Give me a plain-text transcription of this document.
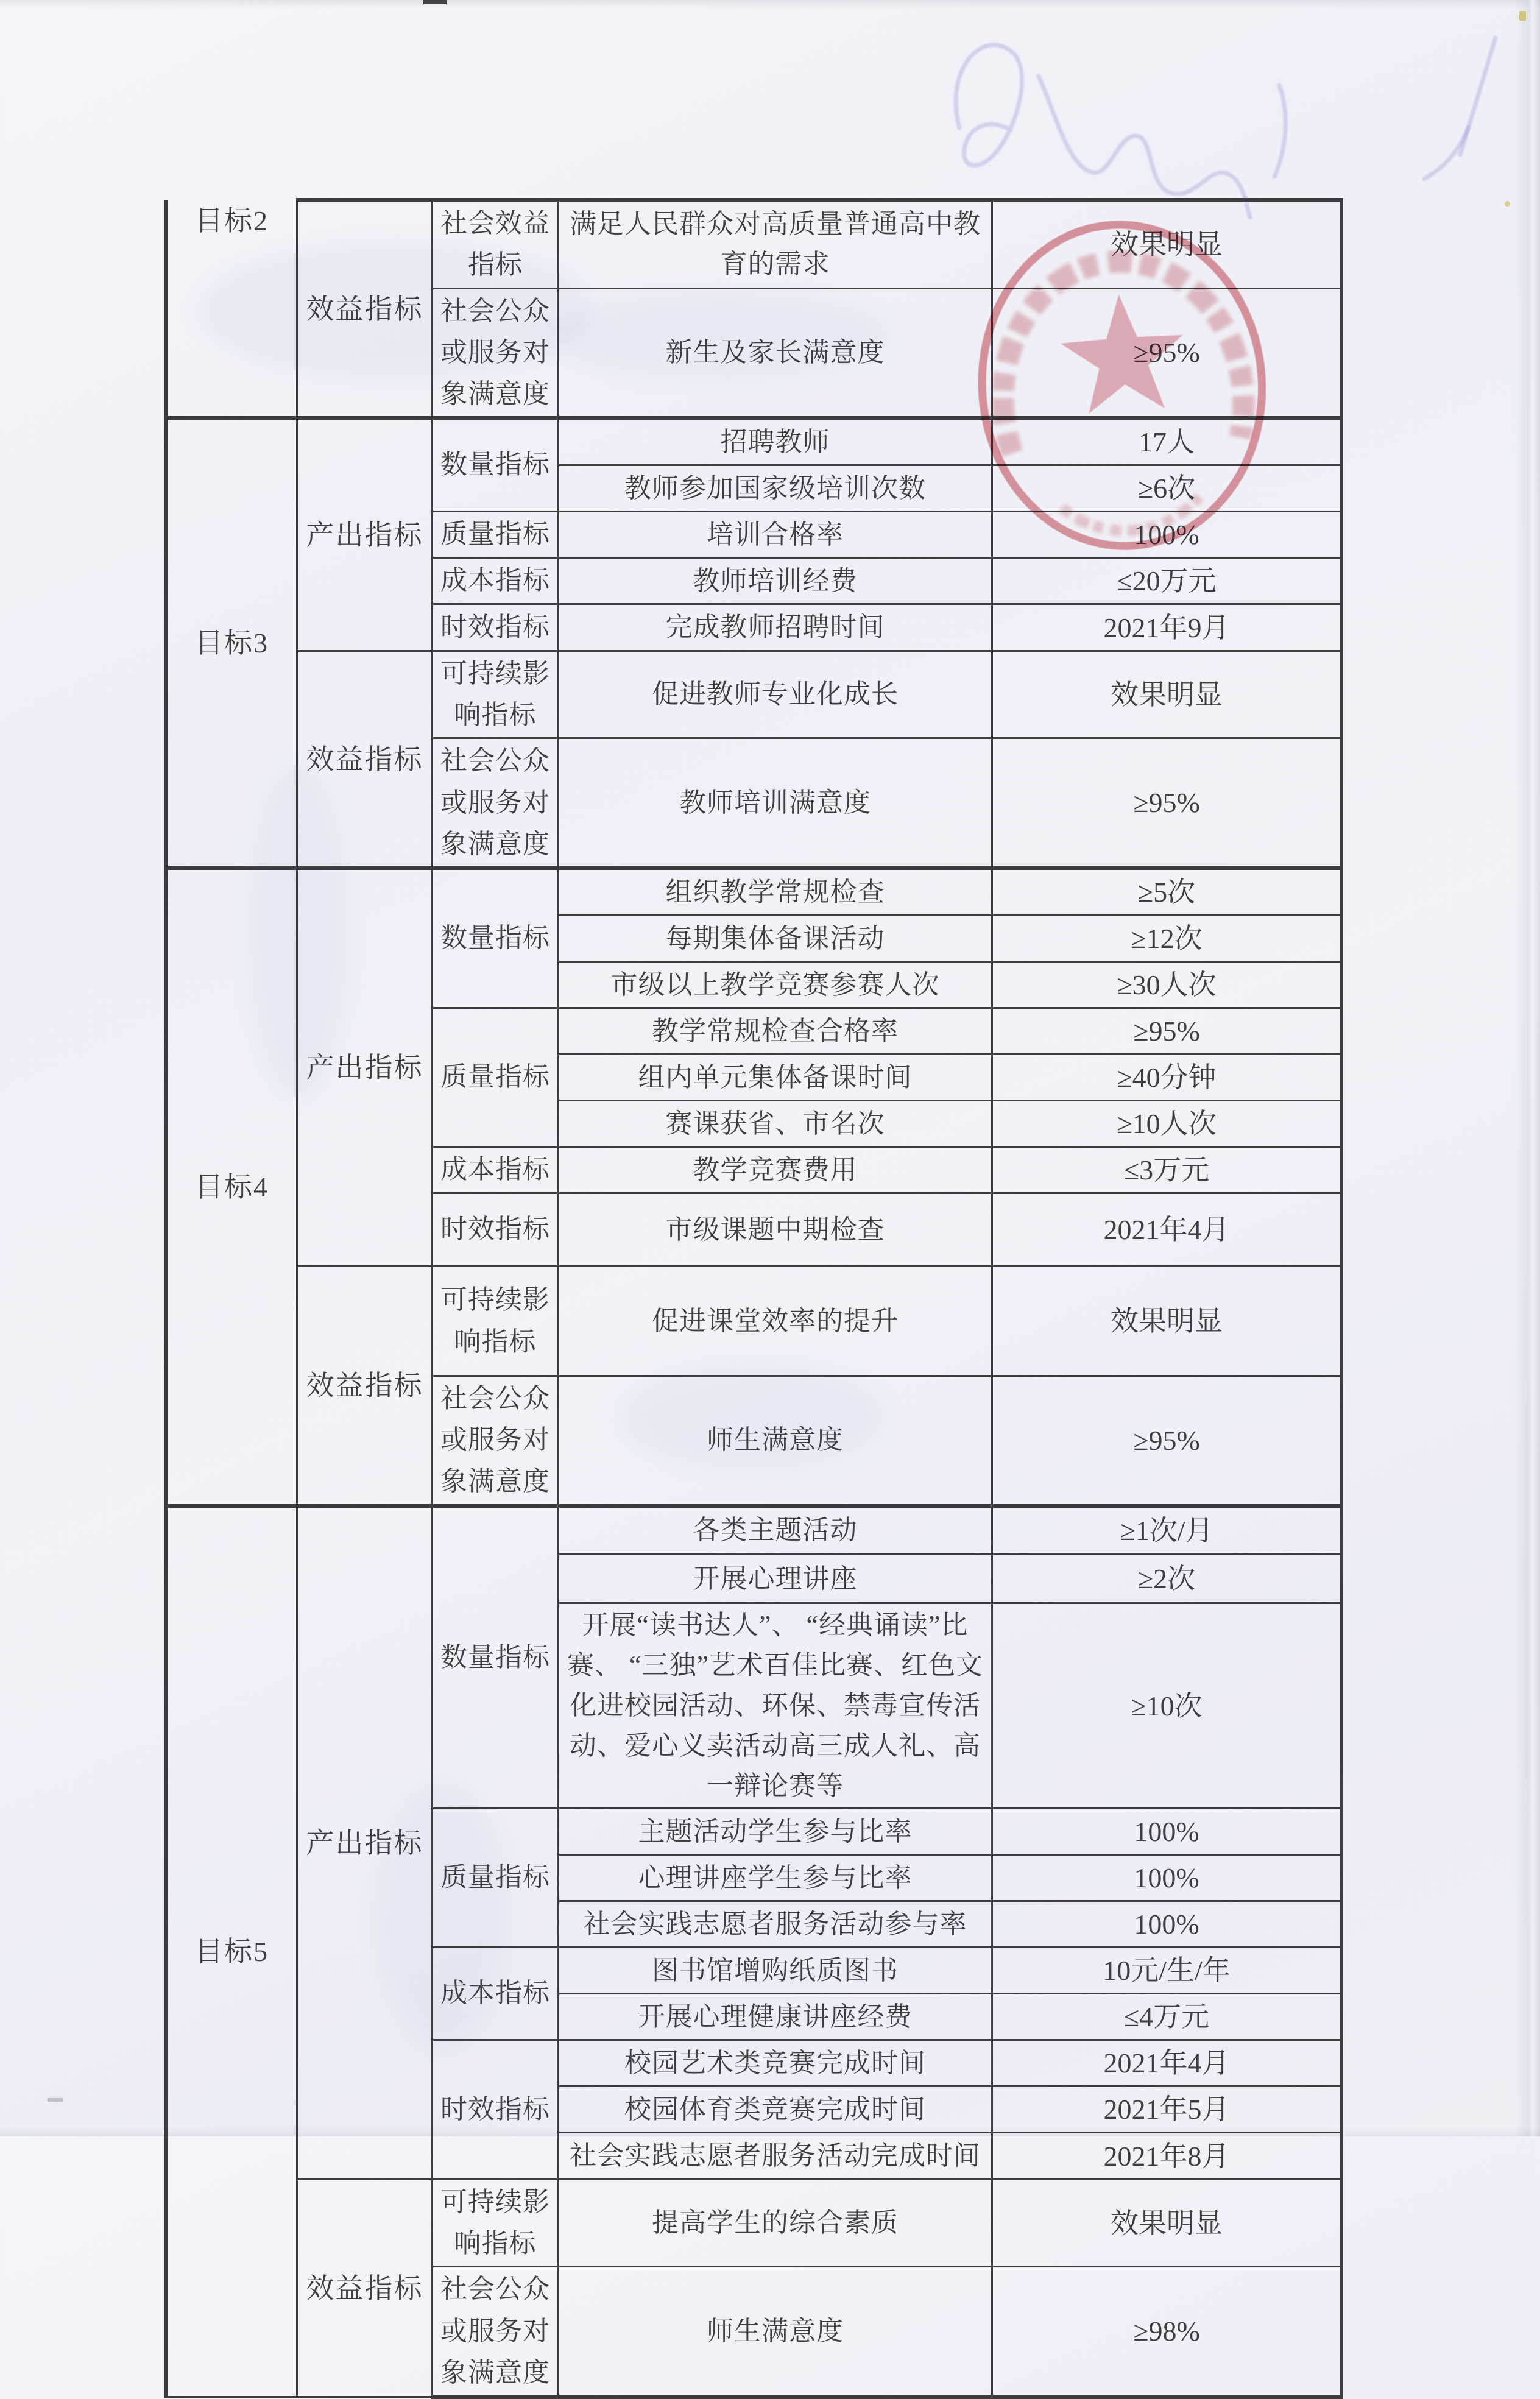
目标2	效益指标	社会效益指标	满足人民群众对高质量普通高中教育的需求	效果明显
		社会公众或服务对象满意度	新生及家长满意度	≥95%
目标3	产出指标	数量指标	招聘教师	17人
			教师参加国家级培训次数	≥6次
		质量指标	培训合格率	100%
		成本指标	教师培训经费	≤20万元
		时效指标	完成教师招聘时间	2021年9月
	效益指标	可持续影响指标	促进教师专业化成长	效果明显
		社会公众或服务对象满意度	教师培训满意度	≥95%
目标4	产出指标	数量指标	组织教学常规检查	≥5次
			每期集体备课活动	≥12次
			市级以上教学竞赛参赛人次	≥30人次
		质量指标	教学常规检查合格率	≥95%
			组内单元集体备课时间	≥40分钟
			赛课获省、市名次	≥10人次
		成本指标	教学竞赛费用	≤3万元
		时效指标	市级课题中期检查	2021年4月
	效益指标	可持续影响指标	促进课堂效率的提升	效果明显
		社会公众或服务对象满意度	师生满意度	≥95%
目标5	产出指标	数量指标	各类主题活动	≥1次/月
			开展心理讲座	≥2次
			开展“读书达人”、 “经典诵读”比赛、 “三独”艺术百佳比赛、红色文化进校园活动、环保、禁毒宣传活动、爱心义卖活动高三成人礼、高一辩论赛等	≥10次
		质量指标	主题活动学生参与比率	100%
			心理讲座学生参与比率	100%
			社会实践志愿者服务活动参与率	100%
		成本指标	图书馆增购纸质图书	10元/生/年
			开展心理健康讲座经费	≤4万元
		时效指标	校园艺术类竞赛完成时间	2021年4月
			校园体育类竞赛完成时间	2021年5月
			社会实践志愿者服务活动完成时间	2021年8月
	效益指标	可持续影响指标	提高学生的综合素质	效果明显
		社会公众或服务对象满意度	师生满意度	≥98%
